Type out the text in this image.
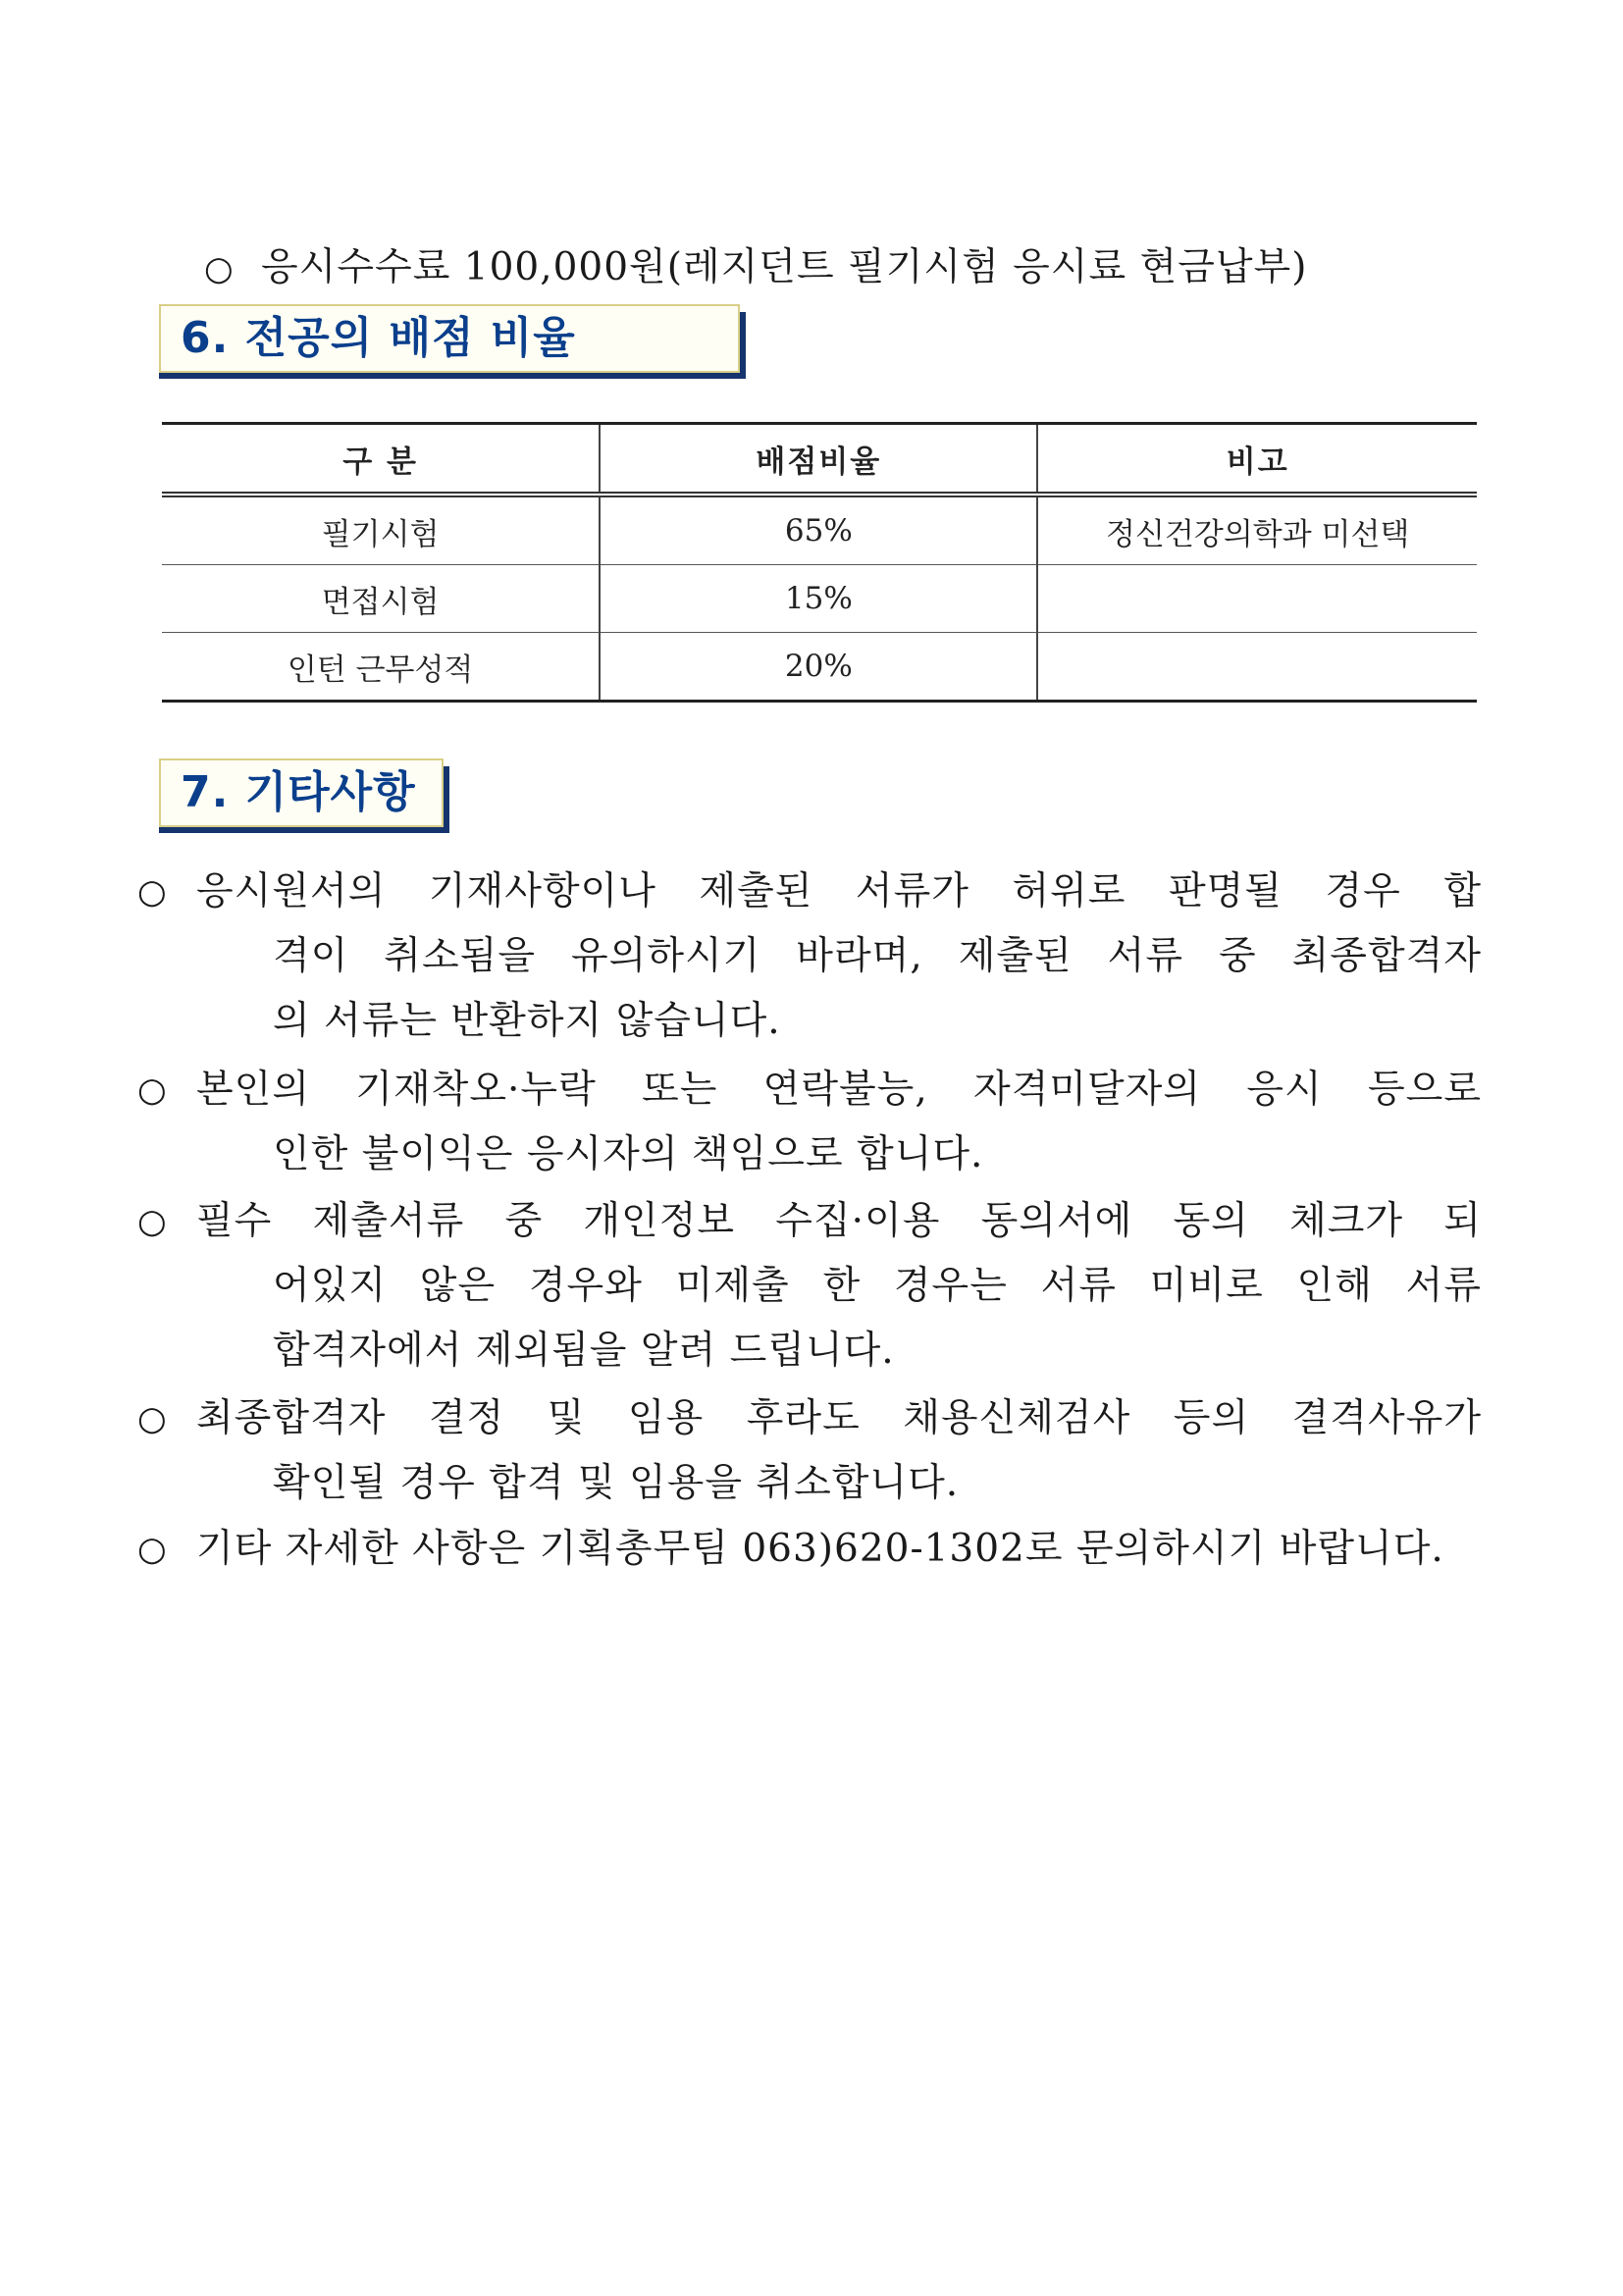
○ 응시수수료 100,000원(레지던트 필기시험 응시료 현금납부)
6. 전공의 배점 비율
구 분	배점비율	비고
필기시험	65%	정신건강의학과 미선택
면접시험	15%	
인턴 근무성적	20%	
7. 기타사항
○ 응시원서의 기재사항이나 제출된 서류가 허위로 판명될 경우 합
격이 취소됨을 유의하시기 바라며, 제출된 서류 중 최종합격자
의 서류는 반환하지 않습니다.
○ 본인의 기재착오·누락 또는 연락불능, 자격미달자의 응시 등으로
인한 불이익은 응시자의 책임으로 합니다.
○ 필수 제출서류 중 개인정보 수집·이용 동의서에 동의 체크가 되
어있지 않은 경우와 미제출 한 경우는 서류 미비로 인해 서류
합격자에서 제외됨을 알려 드립니다.
○ 최종합격자 결정 및 임용 후라도 채용신체검사 등의 결격사유가
확인될 경우 합격 및 임용을 취소합니다.
○ 기타 자세한 사항은 기획총무팀 063)620-1302로 문의하시기 바랍니다.
